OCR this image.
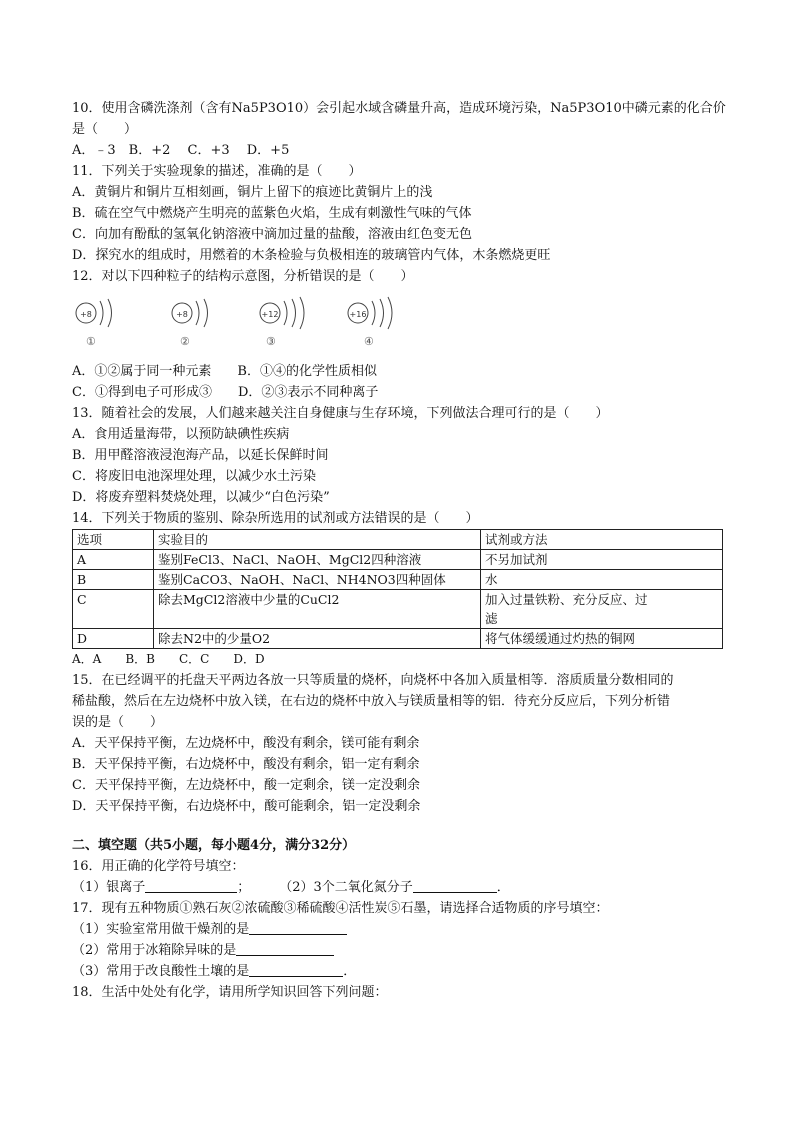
10．使用含磷洗涤剂（含有Na5P3O10）会引起水域含磷量升高，造成环境污染，Na5P3O10中磷元素的化合价
是（　　）
A．﹣3　B．+2　 C．+3　 D．+5
11．下列关于实验现象的描述，准确的是（　　）
A．黄铜片和铜片互相刻画，铜片上留下的痕迹比黄铜片上的浅
B．硫在空气中燃烧产生明亮的蓝紫色火焰，生成有刺激性气味的气体
C．向加有酚酞的氢氧化钠溶液中滴加过量的盐酸，溶液由红色变无色
D．探究水的组成时，用燃着的木条检验与负极相连的玻璃管内气体，木条燃烧更旺
12．对以下四种粒子的结构示意图，分析错误的是（　　）
+8
①
+8
②
+12
③
+16
④
A．①②属于同一种元素　　B．①④的化学性质相似
C．①得到电子可形成③　　D．②③表示不同种离子
13．随着社会的发展，人们越来越关注自身健康与生存环境，下列做法合理可行的是（　　）
A．食用适量海带，以预防缺碘性疾病
B．用甲醛溶液浸泡海产品，以延长保鲜时间
C．将废旧电池深埋处理，以减少水土污染
D．将废弃塑料焚烧处理，以减少“白色污染”
14．下列关于物质的鉴别、除杂所选用的试剂或方法错误的是（　　）
选项	实验目的	试剂或方法
A	鉴别FeCl3、NaCl、NaOH、MgCl2四种溶液	不另加试剂
B	鉴别CaCO3、NaOH、NaCl、NH4NO3四种固体	水
C	除去MgCl2溶液中少量的CuCl2	加入过量铁粉、充分反应、过
滤
D	除去N2中的少量O2	将气体缓缓通过灼热的铜网
A．A　　B．B　　C．C　　D．D
15．在已经调平的托盘天平两边各放一只等质量的烧杯，向烧杯中各加入质量相等．溶质质量分数相同的
稀盐酸，然后在左边烧杯中放入镁，在右边的烧杯中放入与镁质量相等的铝．待充分反应后，下列分析错
误的是（　　）
A．天平保持平衡，左边烧杯中，酸没有剩余，镁可能有剩余
B．天平保持平衡，右边烧杯中，酸没有剩余，铝一定有剩余
C．天平保持平衡，左边烧杯中，酸一定剩余，镁一定没剩余
D．天平保持平衡，右边烧杯中，酸可能剩余，铝一定没剩余
二、填空题（共5小题，每小题4分，满分32分）
16．用正确的化学符号填空：
（1）银离子	； （2）3个二氧化氮分子	．
17．现有五种物质①熟石灰②浓硫酸③稀硫酸④活性炭⑤石墨，请选择合适物质的序号填空：
（1）实验室常用做干燥剂的是
（2）常用于冰箱除异味的是
（3）常用于改良酸性土壤的是	．
18．生活中处处有化学，请用所学知识回答下列问题：
